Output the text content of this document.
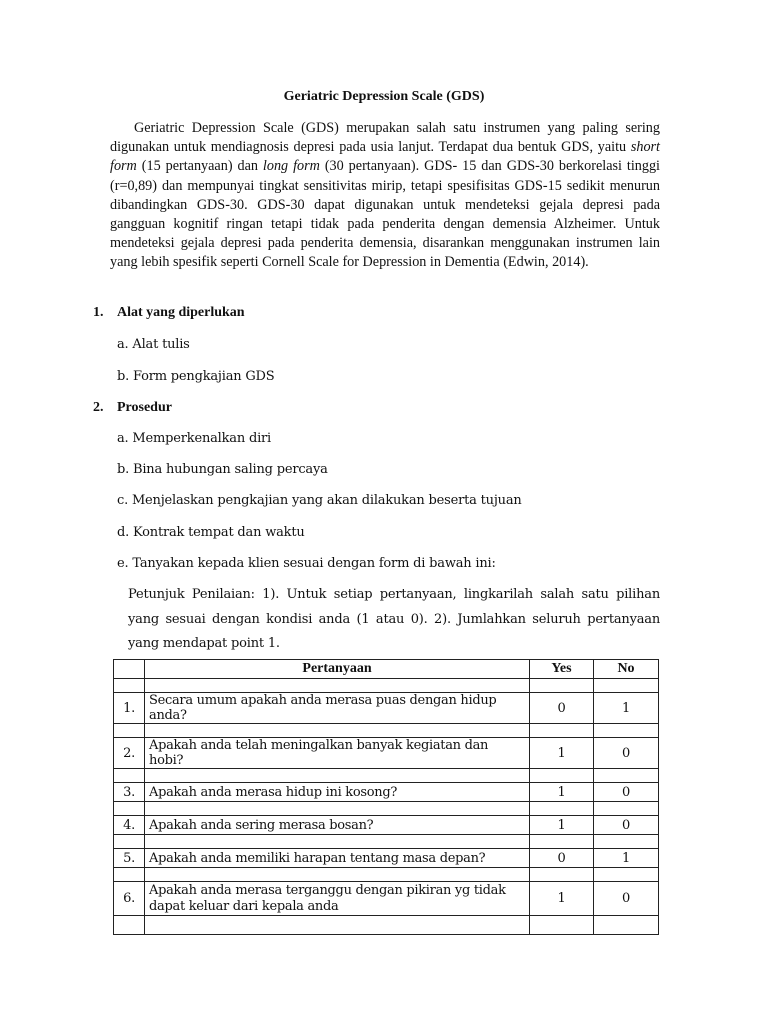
Geriatric Depression Scale (GDS)

Geriatric Depression Scale (GDS) merupakan salah satu instrumen yang paling sering digunakan untuk mendiagnosis depresi pada usia lanjut. Terdapat dua bentuk GDS, yaitu short form (15 pertanyaan) dan long form (30 pertanyaan). GDS- 15 dan GDS-30 berkorelasi tinggi (r=0,89) dan mempunyai tingkat sensitivitas mirip, tetapi spesifisitas GDS-15 sedikit menurun dibandingkan GDS-30. GDS-30 dapat digunakan untuk mendeteksi gejala depresi pada gangguan kognitif ringan tetapi tidak pada penderita dengan demensia Alzheimer. Untuk mendeteksi gejala depresi pada penderita demensia, disarankan menggunakan instrumen lain yang lebih spesifik seperti Cornell Scale for Depression in Dementia (Edwin, 2014).

1. Alat yang diperlukan

a. Alat tulis

b. Form pengkajian GDS

2. Prosedur

a. Memperkenalkan diri

b. Bina hubungan saling percaya

c. Menjelaskan pengkajian yang akan dilakukan beserta tujuan

d. Kontrak tempat dan waktu

e. Tanyakan kepada klien sesuai dengan form di bawah ini:

Petunjuk Penilaian: 1). Untuk setiap pertanyaan, lingkarilah salah satu pilihan yang sesuai dengan kondisi anda (1 atau 0). 2). Jumlahkan seluruh pertanyaan yang mendapat point 1.

	Pertanyaan	Yes	No

1.	Secara umum apakah anda merasa puas dengan hidup anda?	0	1

2.	Apakah anda telah meningalkan banyak kegiatan dan hobi?	1	0

3.	Apakah anda merasa hidup ini kosong?	1	0

4.	Apakah anda sering merasa bosan?	1	0

5.	Apakah anda memiliki harapan tentang masa depan?	0	1

6.	Apakah anda merasa terganggu dengan pikiran yg tidak dapat keluar dari kepala anda	1	0
